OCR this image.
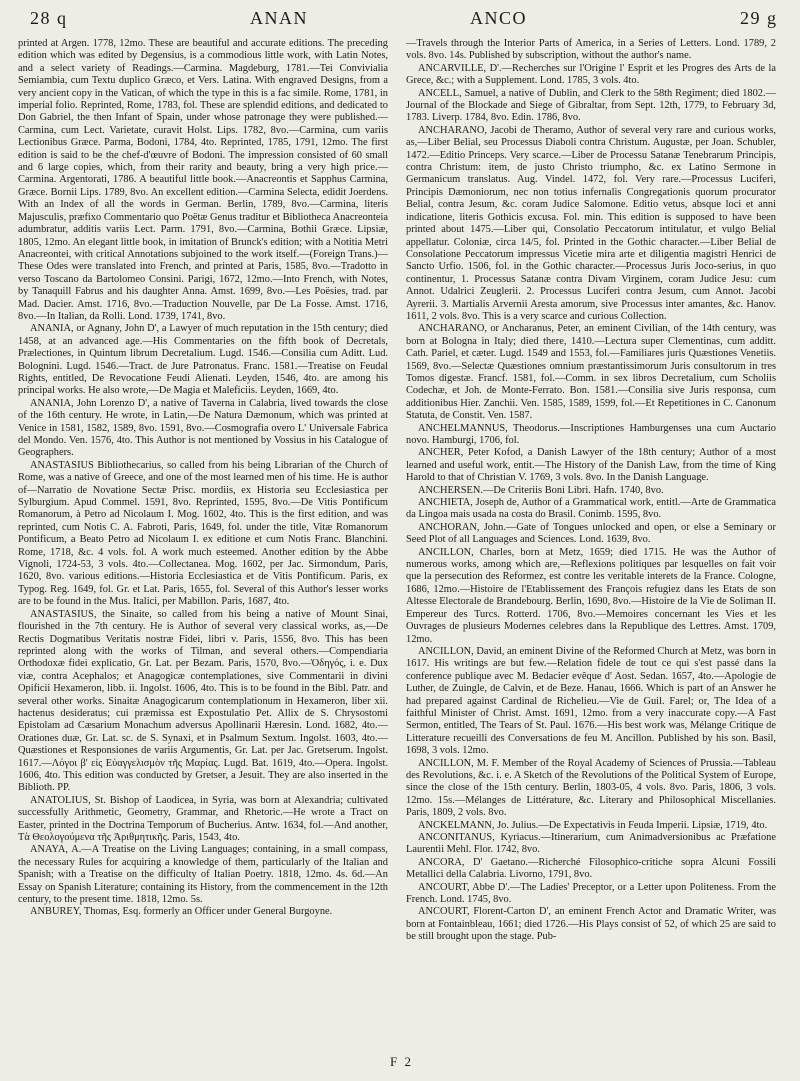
28 q	ANAN	ANCO	29 g

printed at Argen. 1778, 12mo. These are beautiful and accurate editions. The preceding edition which was edited by Degensius, is a commodious little work, with Latin Notes, and a select variety of Readings.—Carmina. Magdeburg, 1781.—Tei Convivialia Semiambia, cum Textu duplico Græco, et Vers. Latina. With engraved Designs, from a very ancient copy in the Vatican, of which the type in this is a fac simile. Rome, 1781, in imperial folio. Reprinted, Rome, 1783, fol. These are splendid editions, and dedicated to Don Gabriel, the then Infant of Spain, under whose patronage they were published.—Carmina, cum Lect. Varietate, curavit Holst. Lips. 1782, 8vo.—Carmina, cum variis Lectionibus Græce. Parma, Bodoni, 1784, 4to. Reprinted, 1785, 1791, 12mo. The first edition is said to be the chef-d'œuvre of Bodoni. The impression consisted of 60 small and 6 large copies, which, from their rarity and beauty, bring a very high price.—Carmina. Argentorati, 1786. A beautiful little book.—Anacreontis et Sapphus Carmina, Græce. Bornii Lips. 1789, 8vo. An excellent edition.—Carmina Selecta, edidit Joerdens. With an Index of all the words in German. Berlin, 1789, 8vo.—Carmina, literis Majusculis, præfixo Commentario quo Poëtæ Genus traditur et Bibliotheca Anacreonteia adumbratur, additis variis Lect. Parm. 1791, 8vo.—Carmina, Bothii Græce. Lipsiæ, 1805, 12mo. An elegant little book, in imitation of Brunck's edition; with a Notitia Metri Anacreontei, with critical Annotations subjoined to the work itself.—(Foreign Trans.)—These Odes were translated into French, and printed at Paris, 1585, 8vo.—Tradotto in verso Toscano da Bartolomeo Consini. Parigi, 1672, 12mo.—Into French, with Notes, by Tanaquill Fabrus and his daughter Anna. Amst. 1699, 8vo.—Les Poësies, trad. par Mad. Dacier. Amst. 1716, 8vo.—Traduction Nouvelle, par De La Fosse. Amst. 1716, 8vo.—In Italian, da Rolli. Lond. 1739, 1741, 8vo.

ANANIA, or Agnany, John D', a Lawyer of much reputation in the 15th century; died 1458, at an advanced age.—His Commentaries on the fifth book of Decretals, Prælectiones, in Quintum librum Decretalium. Lugd. 1546.—Consilia cum Aditt. Lud. Bolognini. Lugd. 1546.—Tract. de Jure Patronatus. Franc. 1581.—Treatise on Feudal Rights, entitled, De Revocatione Feudi Alienati. Leyden, 1546, 4to. are among his principal works. He also wrote,—De Magia et Maleficiis. Leyden, 1669, 4to.

ANANIA, John Lorenzo D', a native of Taverna in Calabria, lived towards the close of the 16th century. He wrote, in Latin,—De Natura Dæmonum, which was printed at Venice in 1581, 1582, 1589, 8vo. 1591, 8vo.—Cosmografia overo L' Universale Fabrica del Mondo. Ven. 1576, 4to. This Author is not mentioned by Vossius in his Catalogue of Geographers.

ANASTASIUS Bibliothecarius, so called from his being Librarian of the Church of Rome, was a native of Greece, and one of the most learned men of his time. He is author of—Narratio de Novatione Sectæ Prisc. mordiis, ex Historia seu Ecclesiastica per Sylburgium. Apud Commel. 1591, 8vo. Reprinted, 1595, 8vo.—De Vitis Pontificum Romanorum, à Petro ad Nicolaum I. Mog. 1602, 4to. This is the first edition, and was reprinted, cum Notis C. A. Fabroti, Paris, 1649, fol. under the title, Vitæ Romanorum Pontificum, a Beato Petro ad Nicolaum I. ex editione et cum Notis Franc. Blanchini. Rome, 1718, &c. 4 vols. fol. A work much esteemed. Another edition by the Abbe Vignoli, 1724-53, 3 vols. 4to.—Collectanea. Mog. 1602, per Jac. Sirmondum, Paris, 1620, 8vo. various editions.—Historia Ecclesiastica et de Vitis Pontificum. Paris, ex Typog. Reg. 1649, fol. Gr. et Lat. Paris, 1655, fol. Several of this Author's lesser works are to be found in the Mus. Italici, per Mabillon. Paris, 1687, 4to.

ANASTASIUS, the Sinaite, so called from his being a native of Mount Sinai, flourished in the 7th century. He is Author of several very classical works, as,—De Rectis Dogmatibus Veritatis nostræ Fidei, libri v. Paris, 1556, 8vo. This has been reprinted along with the works of Tilman, and several others.—Compendiaria Orthodoxæ fidei explicatio, Gr. Lat. per Bezam. Paris, 1570, 8vo.—Ὁδηγός, i. e. Dux viæ, contra Acephalos; et Anagogicæ contemplationes, sive Commentarii in divini Opificii Hexameron, libb. ii. Ingolst. 1606, 4to. This is to be found in the Bibl. Patr. and several other works. Sinaitæ Anagogicarum contemplationum in Hexameron, liber xii. hactenus desideratus; cui præmissa est Expostulatio Pet. Allix de S. Chrysostomi Epistolam ad Cæsarium Monachum adversus Apollinarii Hæresin. Lond. 1682, 4to.—Orationes duæ, Gr. Lat. sc. de S. Synaxi, et in Psalmum Sextum. Ingolst. 1603, 4to.—Quæstiones et Responsiones de variis Argumentis, Gr. Lat. per Jac. Gretserum. Ingolst. 1617.—Λόγοι β' εἰς Εὐαγγελισμὸν τῆς Μαρίας. Lugd. Bat. 1619, 4to.—Opera. Ingolst. 1606, 4to. This edition was conducted by Gretser, a Jesuit. They are also inserted in the Biblioth. PP.

ANATOLIUS, St. Bishop of Laodicea, in Syria, was born at Alexandria; cultivated successfully Arithmetic, Geometry, Grammar, and Rhetoric.—He wrote a Tract on Easter, printed in the Doctrina Temporum of Bucherius. Antw. 1634, fol.—And another, Τὰ Θεολογούμενα τῆς Ἀριθμητικῆς. Paris, 1543, 4to.

ANAYA, A.—A Treatise on the Living Languages; containing, in a small compass, the necessary Rules for acquiring a knowledge of them, particularly of the Italian and Spanish; with a Treatise on the difficulty of Italian Poetry. 1818, 12mo. 4s. 6d.—An Essay on Spanish Literature; containing its History, from the commencement in the 12th century, to the present time. 1818, 12mo. 5s.

ANBUREY, Thomas, Esq. formerly an Officer under General Burgoyne.

—Travels through the Interior Parts of America, in a Series of Letters. Lond. 1789, 2 vols. 8vo. 14s. Published by subscription, without the author's name.

ANCARVILLE, D'.—Recherches sur l'Origine l' Esprit et les Progres des Arts de la Grece, &c.; with a Supplement. Lond. 1785, 3 vols. 4to.

ANCELL, Samuel, a native of Dublin, and Clerk to the 58th Regiment; died 1802.—Journal of the Blockade and Siege of Gibraltar, from Sept. 12th, 1779, to February 3d, 1783. Liverp. 1784, 8vo. Edin. 1786, 8vo.

ANCHARANO, Jacobi de Theramo, Author of several very rare and curious works, as,—Liber Belial, seu Processus Diaboli contra Christum. Augustæ, per Joan. Schubler, 1472.—Editio Princeps. Very scarce.—Liber de Processu Satanæ Tenebrarum Principis, contra Christum: item, de justo Christo triumpho, &c. ex Latino Sermone in Germanicum translatus. Aug. Vindel. 1472, fol. Very rare.—Processus Luciferi, Principis Dæmoniorum, nec non totius infernalis Congregationis quorum procurator Belial, contra Jesum, &c. coram Judice Salomone. Editio vetus, absque loci et anni indicatione, literis Gothicis excusa. Fol. min. This edition is supposed to have been printed about 1475.—Liber qui, Consolatio Peccatorum intitulatur, et vulgo Belial appellatur. Coloniæ, circa 14/5, fol. Printed in the Gothic character.—Liber Belial de Consolatione Peccatorum impressus Vicetie mira arte et diligentia magistri Henrici de Sancto Urfio. 1506, fol. in the Gothic character.—Processus Juris Joco-serius, in quo continentur, 1. Processus Satanæ contra Divam Virginem, coram Judice Jesu: cum Annot. Udalrici Zeuglerii. 2. Processus Luciferi contra Jesum, cum Annot. Jacobi Ayrerii. 3. Martialis Arvernii Aresta amorum, sive Processus inter amantes, &c. Hanov. 1611, 2 vols. 8vo. This is a very scarce and curious Collection.

ANCHARANO, or Ancharanus, Peter, an eminent Civilian, of the 14th century, was born at Bologna in Italy; died there, 1410.—Lectura super Clementinas, cum additt. Cath. Pariel, et cæter. Lugd. 1549 and 1553, fol.—Familiares juris Quæstiones Venetiis. 1569, 8vo.—Selectæ Quæstiones omnium præstantissimorum Juris consultorum in tres Tomos digestæ. Francf. 1581, fol.—Comm. in sex libros Decretalium, cum Scholiis Codechæ, et Joh. de Monte-Ferrato. Bon. 1581.—Consilia sive Juris responsa, cum additionibus Hier. Zanchii. Ven. 1585, 1589, 1599, fol.—Et Repetitiones in C. Canonum Statuta, de Constit. Ven. 1587.

ANCHELMANNUS, Theodorus.—Inscriptiones Hamburgenses una cum Auctario novo. Hamburgi, 1706, fol.

ANCHER, Peter Kofod, a Danish Lawyer of the 18th century; Author of a most learned and useful work, entit.—The History of the Danish Law, from the time of King Harold to that of Christian V. 1769, 3 vols. 8vo. In the Danish Language.

ANCHERSEN.—De Criteriis Boni Libri. Hafn. 1740, 8vo.

ANCHIETA, Joseph de, Author of a Grammatical work, entitl.—Arte de Grammatica da Lingoa mais usada na costa do Brasil. Conimb. 1595, 8vo.

ANCHORAN, John.—Gate of Tongues unlocked and open, or else a Seminary or Seed Plot of all Languages and Sciences. Lond. 1639, 8vo.

ANCILLON, Charles, born at Metz, 1659; died 1715. He was the Author of numerous works, among which are,—Reflexions politiques par lesquelles on fait voir que la persecution des Reformez, est contre les veritable interets de la France. Cologne, 1686, 12mo.—Histoire de l'Etablissement des François refugiez dans les Etats de son Altesse Electorale de Brandebourg. Berlin, 1690, 8vo.—Histoire de la Vie de Soliman II. Empereur des Turcs. Rotterd. 1706, 8vo.—Memoires concernant les Vies et les Ouvrages de plusieurs Modernes celebres dans la Republique des Lettres. Amst. 1709, 12mo.

ANCILLON, David, an eminent Divine of the Reformed Church at Metz, was born in 1617. His writings are but few.—Relation fidele de tout ce qui s'est passé dans la conference publique avec M. Bedacier evêque d' Aost. Sedan. 1657, 4to.—Apologie de Luther, de Zuingle, de Calvin, et de Beze. Hanau, 1666. Which is part of an Answer he had prepared against Cardinal de Richelieu.—Vie de Guil. Farel; or, The Idea of a faithful Minister of Christ. Amst. 1691, 12mo. from a very inaccurate copy.—A Fast Sermon, entitled, The Tears of St. Paul. 1676.—His best work was, Mélange Critique de Litterature recueilli des Conversations de feu M. Ancillon. Published by his son. Basil, 1698, 3 vols. 12mo.

ANCILLON, M. F. Member of the Royal Academy of Sciences of Prussia.—Tableau des Revolutions, &c. i. e. A Sketch of the Revolutions of the Political System of Europe, since the close of the 15th century. Berlin, 1803-05, 4 vols. 8vo. Paris, 1806, 3 vols. 12mo. 15s.—Mélanges de Littérature, &c. Literary and Philosophical Miscellanies. Paris, 1809, 2 vols. 8vo.

ANCKELMANN, Jo. Julius.—De Expectativis in Feuda Imperii. Lipsiæ, 1719, 4to.

ANCONITANUS, Kyriacus.—Itinerarium, cum Animadversionibus ac Præfatione Laurentii Mehl. Flor. 1742, 8vo.

ANCORA, D' Gaetano.—Richerché Filosophico-critiche sopra Alcuni Fossili Metallici della Calabria. Livorno, 1791, 8vo.

ANCOURT, Abbe D'.—The Ladies' Preceptor, or a Letter upon Politeness. From the French. Lond. 1745, 8vo.

ANCOURT, Florent-Carton D', an eminent French Actor and Dramatic Writer, was born at Fontainbleau, 1661; died 1726.—His Plays consist of 52, of which 25 are said to be still brought upon the stage. Pub-

F 2
